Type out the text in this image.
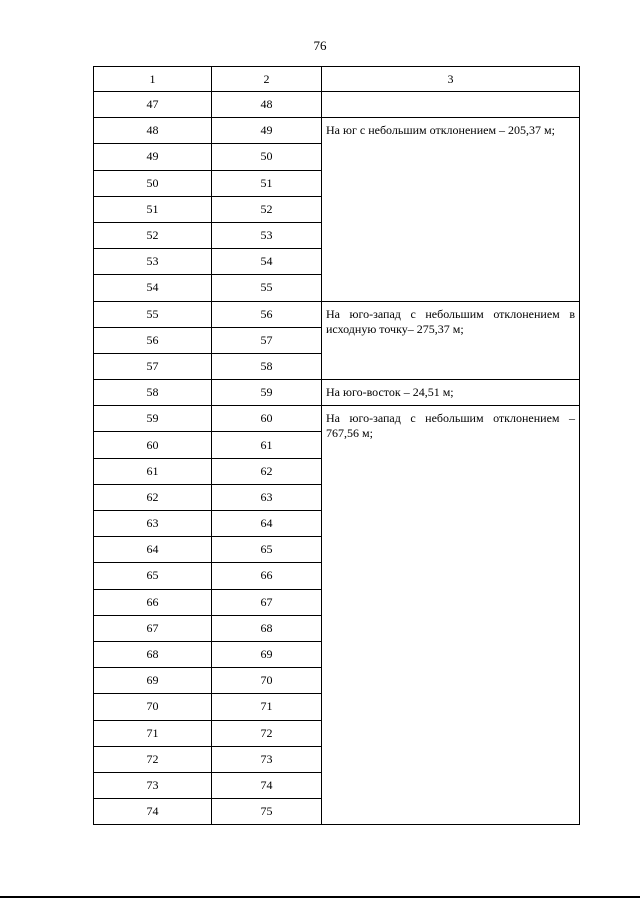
76
1	2	3
47	48	
48	49	На юг с небольшим отклонением – 205,37 м;
49	50	
50	51	
51	52	
52	53	
53	54	
54	55	
55	56	На юго-запад с небольшим отклонением в исходную точку– 275,37 м;
56	57	
57	58	
58	59	На юго-восток – 24,51 м;
59	60	На юго-запад с небольшим отклонением – 767,56 м;
60	61	
61	62	
62	63	
63	64	
64	65	
65	66	
66	67	
67	68	
68	69	
69	70	
70	71	
71	72	
72	73	
73	74	
74	75	
